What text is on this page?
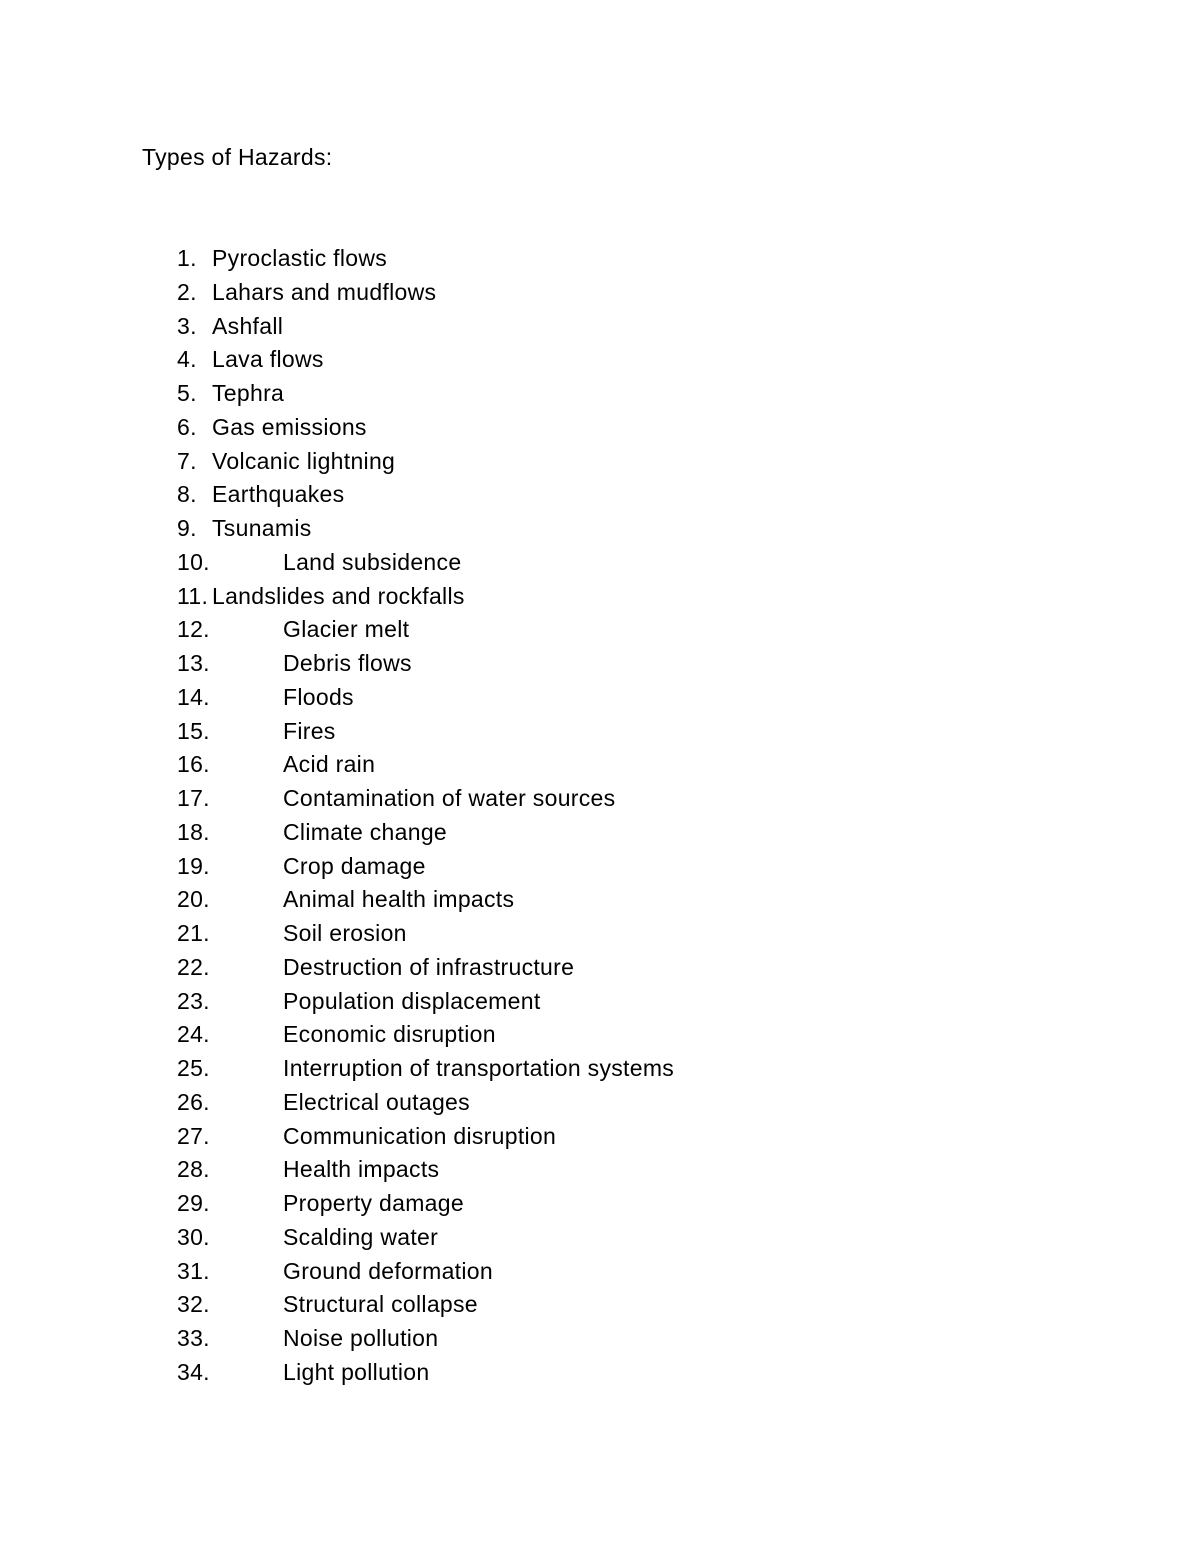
Types of Hazards:
1. Pyroclastic flows
2. Lahars and mudflows
3. Ashfall
4. Lava flows
5. Tephra
6. Gas emissions
7. Volcanic lightning
8. Earthquakes
9. Tsunamis
10.	Land subsidence
11. Landslides and rockfalls
12.	Glacier melt
13.	Debris flows
14.	Floods
15.	Fires
16.	Acid rain
17.	Contamination of water sources
18.	Climate change
19.	Crop damage
20.	Animal health impacts
21.	Soil erosion
22.	Destruction of infrastructure
23.	Population displacement
24.	Economic disruption
25.	Interruption of transportation systems
26.	Electrical outages
27.	Communication disruption
28.	Health impacts
29.	Property damage
30.	Scalding water
31.	Ground deformation
32.	Structural collapse
33.	Noise pollution
34.	Light pollution
